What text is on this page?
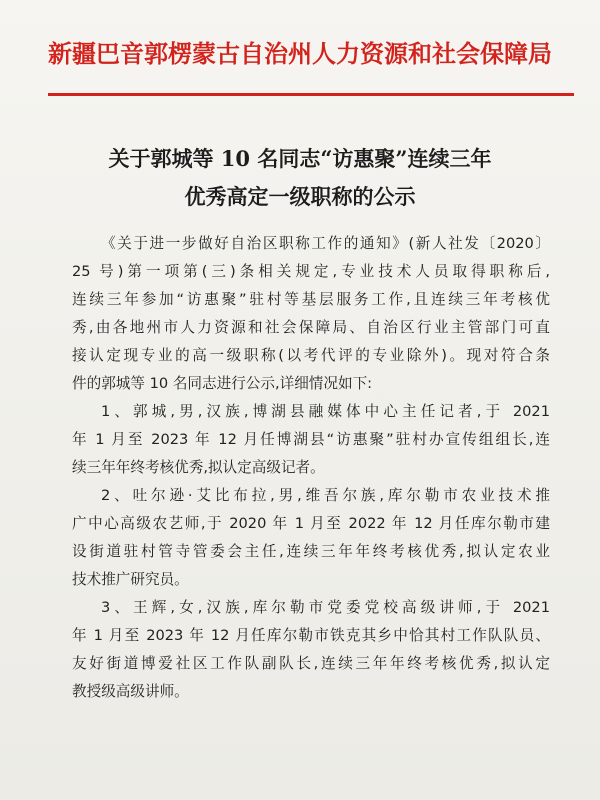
新疆巴音郭楞蒙古自治州人力资源和社会保障局
关于郭城等 10 名同志“访惠聚”连续三年
优秀高定一级职称的公示
《关于进一步做好自治区职称工作的通知》(新人社发〔2020〕
25 号)第一项第(三)条相关规定,专业技术人员取得职称后,
连续三年参加“访惠聚”驻村等基层服务工作,且连续三年考核优
秀,由各地州市人力资源和社会保障局、自治区行业主管部门可直
接认定现专业的高一级职称(以考代评的专业除外)。现对符合条
件的郭城等 10 名同志进行公示,详细情况如下:
1、郭城,男,汉族,博湖县融媒体中心主任记者,于 2021
年 1 月至 2023 年 12 月任博湖县“访惠聚”驻村办宣传组组长,连
续三年年终考核优秀,拟认定高级记者。
2、吐尔逊·艾比布拉,男,维吾尔族,库尔勒市农业技术推
广中心高级农艺师,于 2020 年 1 月至 2022 年 12 月任库尔勒市建
设街道驻村管寺管委会主任,连续三年年终考核优秀,拟认定农业
技术推广研究员。
3、王辉,女,汉族,库尔勒市党委党校高级讲师,于 2021
年 1 月至 2023 年 12 月任库尔勒市铁克其乡中恰其村工作队队员、
友好街道博爱社区工作队副队长,连续三年年终考核优秀,拟认定
教授级高级讲师。
